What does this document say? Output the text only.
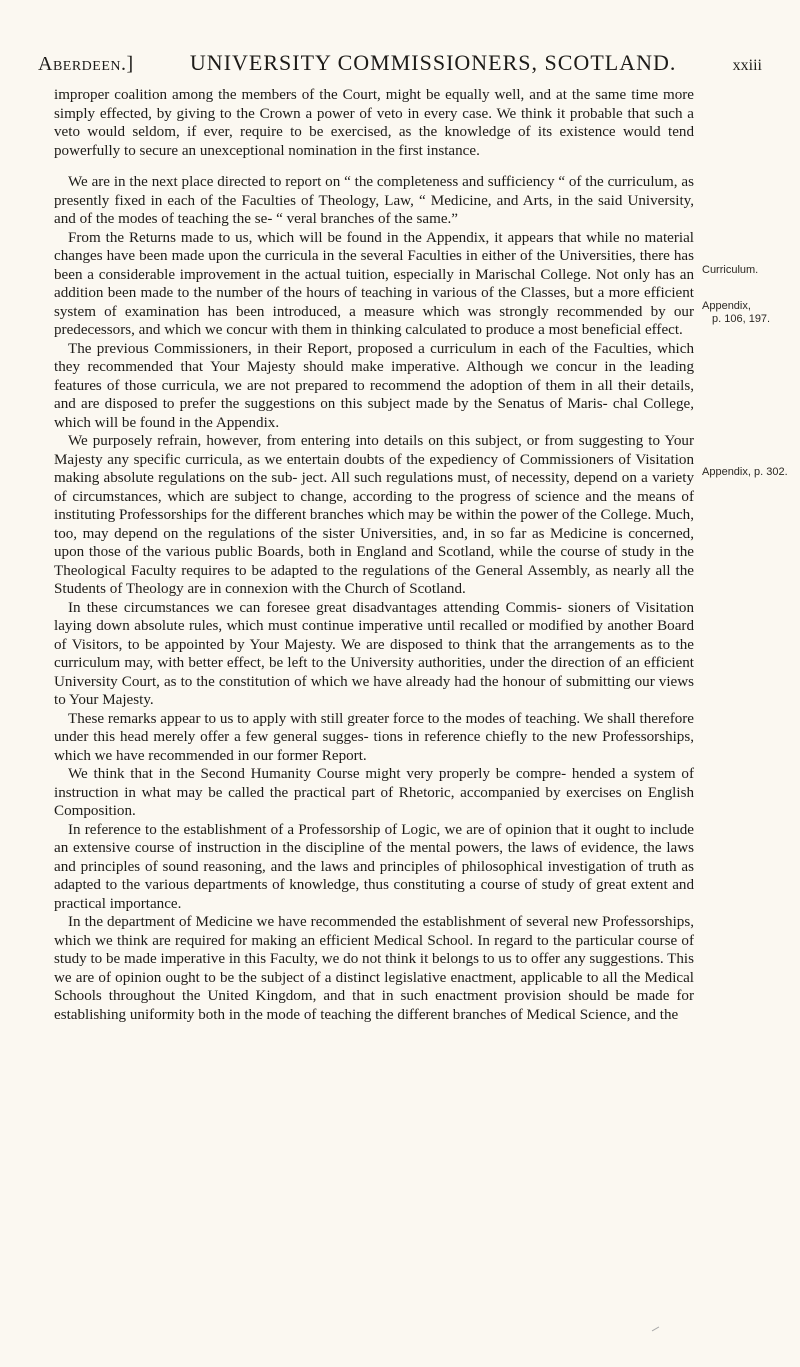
Aberdeen.]	UNIVERSITY COMMISSIONERS, SCOTLAND.	xxiii

improper coalition among the members of the Court, might be equally well, and at the same time more simply effected, by giving to the Crown a power of veto in every case. We think it probable that such a veto would seldom, if ever, require to be exercised, as the knowledge of its existence would tend powerfully to secure an unexceptional nomination in the first instance.

We are in the next place directed to report on “ the completeness and sufficiency “ of the curriculum, as presently fixed in each of the Faculties of Theology, Law, “ Medicine, and Arts, in the said University, and of the modes of teaching the se- “ veral branches of the same.”

From the Returns made to us, which will be found in the Appendix, it appears that while no material changes have been made upon the curricula in the several Faculties in either of the Universities, there has been a considerable improvement in the actual tuition, especially in Marischal College. Not only has an addition been made to the number of the hours of teaching in various of the Classes, but a more efficient system of examination has been introduced, a measure which was strongly recommended by our predecessors, and which we concur with them in thinking calculated to produce a most beneficial effect.

The previous Commissioners, in their Report, proposed a curriculum in each of the Faculties, which they recommended that Your Majesty should make imperative. Although we concur in the leading features of those curricula, we are not prepared to recommend the adoption of them in all their details, and are disposed to prefer the suggestions on this subject made by the Senatus of Maris- chal College, which will be found in the Appendix.

We purposely refrain, however, from entering into details on this subject, or from suggesting to Your Majesty any specific curricula, as we entertain doubts of the expediency of Commissioners of Visitation making absolute regulations on the sub- ject. All such regulations must, of necessity, depend on a variety of circumstances, which are subject to change, according to the progress of science and the means of instituting Professorships for the different branches which may be within the power of the College. Much, too, may depend on the regulations of the sister Universities, and, in so far as Medicine is concerned, upon those of the various public Boards, both in England and Scotland, while the course of study in the Theological Faculty requires to be adapted to the regulations of the General Assembly, as nearly all the Students of Theology are in connexion with the Church of Scotland.

In these circumstances we can foresee great disadvantages attending Commis- sioners of Visitation laying down absolute rules, which must continue imperative until recalled or modified by another Board of Visitors, to be appointed by Your Majesty. We are disposed to think that the arrangements as to the curriculum may, with better effect, be left to the University authorities, under the direction of an efficient University Court, as to the constitution of which we have already had the honour of submitting our views to Your Majesty.

These remarks appear to us to apply with still greater force to the modes of teaching. We shall therefore under this head merely offer a few general sugges- tions in reference chiefly to the new Professorships, which we have recommended in our former Report.

We think that in the Second Humanity Course might very properly be compre- hended a system of instruction in what may be called the practical part of Rhetoric, accompanied by exercises on English Composition.

In reference to the establishment of a Professorship of Logic, we are of opinion that it ought to include an extensive course of instruction in the discipline of the mental powers, the laws of evidence, the laws and principles of sound reasoning, and the laws and principles of philosophical investigation of truth as adapted to the various departments of knowledge, thus constituting a course of study of great extent and practical importance.

In the department of Medicine we have recommended the establishment of several new Professorships, which we think are required for making an efficient Medical School. In regard to the particular course of study to be made imperative in this Faculty, we do not think it belongs to us to offer any suggestions. This we are of opinion ought to be the subject of a distinct legislative enactment, applicable to all the Medical Schools throughout the United Kingdom, and that in such enactment provision should be made for establishing uniformity both in the mode of teaching the different branches of Medical Science, and the

Curriculum.
Appendix,
p. 106, 197.
Appendix, p. 302.
